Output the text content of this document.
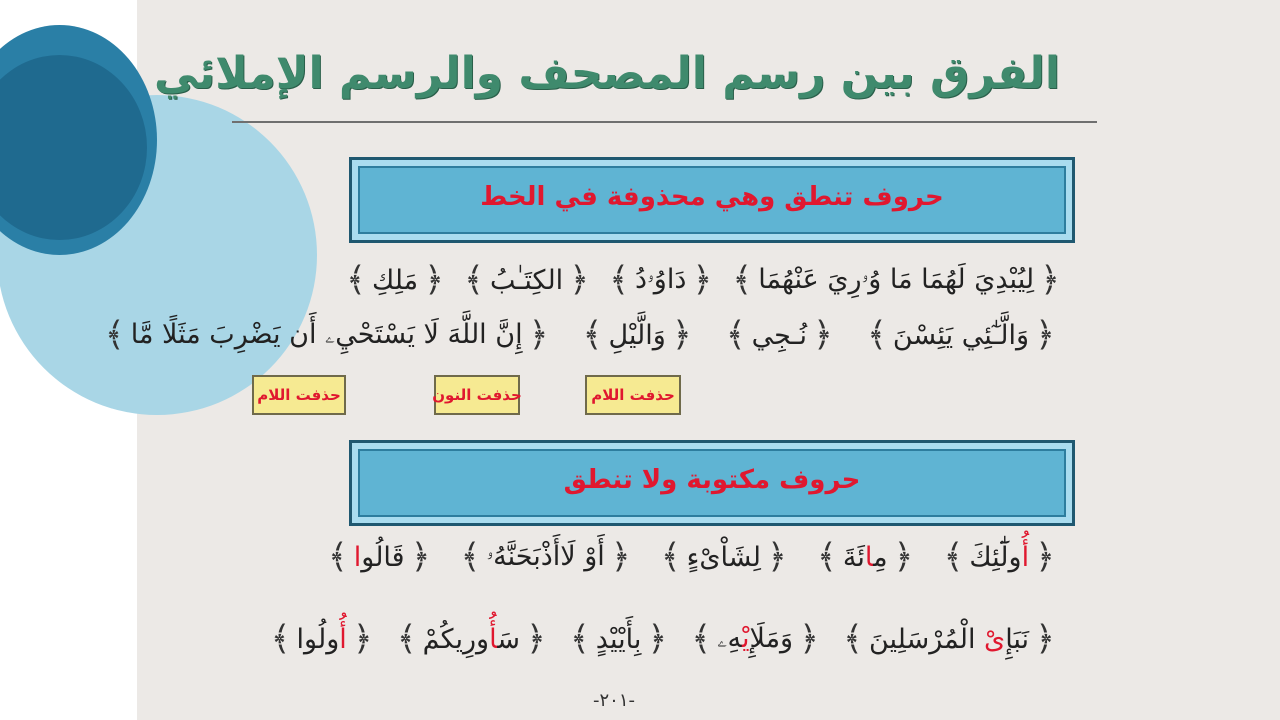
الفرق بين رسم المصحف والرسم الإملائي
حروف تنطق وهي محذوفة في الخط
﴿
مَلِكِ
﴾	﴿
الكِتَـٰبُ
﴾	﴿
دَاوُۥدُ
﴾	﴿
لِيُبْدِيَ لَهُمَا مَا وُۥرِيَ عَنْهُمَا
﴾
﴿
إِنَّ اللَّهَ لَا يَسْتَحْيِۦ أَن يَضْرِبَ مَثَلًا مَّا
﴾	﴿
وَالَّيْلِ
﴾	﴿
نُـجِي
﴾	﴿
وَالَّـٰٓئِي يَئِسْنَ
﴾
حذفت اللام
حذفت النون
حذفت اللام
حروف مكتوبة ولا تنطق
﴿
قَالُوا
﴾	﴿
أَوْ لَأَذْبَحَنَّهُۥ
﴾	﴿
لِشَاْىْءٍ
﴾	﴿
مِائَةَ
﴾	﴿
أُولَٰٓئِكَ
﴾
﴿
أُولُوا
﴾	﴿
سَأُورِيكُمْ
﴾	﴿
بِأَيْيْدٍ
﴾	﴿
وَمَلَإِيْهِۦ
﴾	﴿
نَبَإِىْ الْمُرْسَلِينَ
﴾
-٢٠١-
